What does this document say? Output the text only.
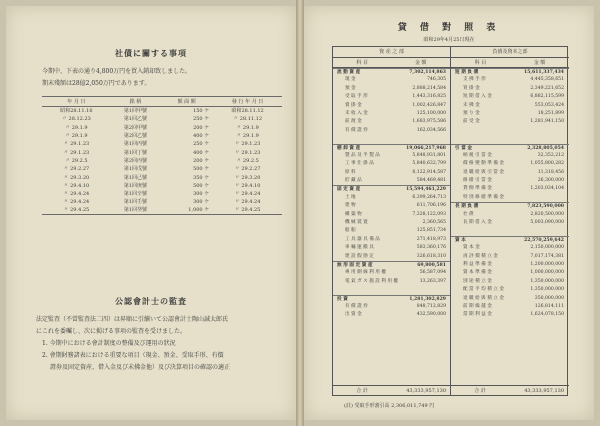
社債に關する事項
今期中、下表の通り4,800万円を買入銷却致しました。
期末殘額は28億2,050万円であります。
年 月 日	銘 柄	額 面 額	發 行 年 月 日
昭和28.11.16	第1回甲號	150 ケ	昭和28.11.12
〃 28.12.23	第1回乙號	250 ケ	〃 28.11.12
〃 29.1.9	第2回甲號	200 ケ	〃 29.1.9
〃 29.1.9	第2回乙號	400 ケ	〃 29.1.9
〃 29.1.23	第1回丙號	250 ケ	〃 29.1.23
〃 29.1.23	第1回丁號	400 ケ	〃 29.1.23
〃 29.2.5	第2回丙號	200 ケ	〃 29.2.5
〃 29.2.27	第1回戊號	500 ケ	〃 29.2.27
〃 29.3.20	第1回己號	350 ケ	〃 29.3.20
〃 29.4.10	第1回庚號	500 ケ	〃 29.4.10
〃 29.4.24	第1回辛號	300 ケ	〃 29.4.24
〃 29.4.24	第1回壬號	300 ケ	〃 29.4.24
〃 29.4.25	第1回癸號	1,000 ケ	〃 29.4.25
公認會計士の監査
法定監査（不當監査法二四）は昇順に引續いて公認會計士陶山誠太郎氏
にこれを委囑し、次に掲げる事項の監査を受けました。
1. 今期中における會計制度の整備及び運用の狀況
2. 會期財務諸表における重要な項目（現金、預金、受取手形、有價
證券及固定資産、借入金及び未拂金他）及び決算項目の確認の適正
貸 借 對 照 表
昭和29年4月25日現在
資 産 之 部
科 目	金 額
流 動 資 産	7,302,114,863
現 金	746,305
預 金	2,888,214,584
受 取 手 形	1,443,316,825
賣 掛 金	1,002,426,847
未 收 入 金	125,100,000
前 渡 金	1,683,975,586
有 價 證 券	162,034,566
棚 卸 資 産	19,066,217,968
製 品 及 半 製 品	5,848,931,801
工 事 仕 掛 品	5,840,632,799
原 料	8,122,914,587
貯 藏 品	584,469,481
固 定 資 産	15,594,461,229
土 地	6,399,264,713
建 物	611,706,196
構 築 物	7,328,122,093
機 械 裝 置	2,360,565
船 舶	125,851,734
工 具 器 具 備 品	271,418,973
車 輛 運 搬 具	583,360,176
建 設 假 勘 定	326,618,310
無 形 固 定 資 産	69,800,581
專 用 側 線 利 用 權	56,587,094
電 氣 ガ ス 施 設 利 用 權	13,263,397
投 資	1,281,302,829
有 價 證 券	848,712,829
出 資 金	432,590,000
合 計	43,333,957,130
負債及資本之部
科 目	金 額
短 期 負 債	15,611,337,434
支 拂 手 形	4,445,358,651
買 掛 金	2,349,221,652
短 期 借 入 金	6,882,115,599
未 拂 金	553,053,424
預 り 金	18,251,899
前 受 金	1,281,941,150
引 當 金	2,328,805,054
納 税 引 當 金	32,352,212
價 格 變 動 準 備 金	1,055,800,282
退 職 給 與 引 當 金	11,318,456
修 繕 引 當 金	26,300,000
貸 倒 準 備 金	1,203,034,104
特 別 修 繕 準 備 金
長 期 負 債	7,823,590,000
社 債	2,820,500,000
長 期 借 入 金	5,003,090,000
資 本	22,570,259,642
資 本 金	2,150,000,000
再 評 價 積 立 金	7,017,174,381
利 益 準 備 金	1,200,000,000
資 本 準 備 金	1,000,000,000
別 途 積 立 金	1,350,000,000
配 當 平 均 積 立 金	1,350,000,000
退 職 給 與 積 立 金	350,000,000
前 期 繰 越 金	126,814,111
當 期 利 益 金	1,624,078,150
合 計	43,333,957,130
(註) 受取手形割引高 2,306,011,749 円
